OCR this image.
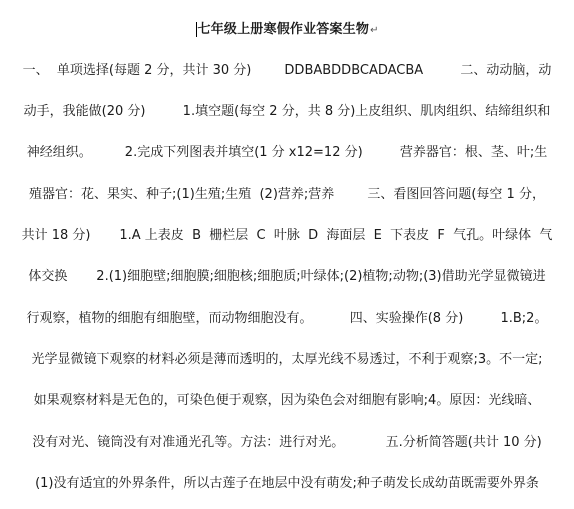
七年级上册寒假作业答案生物↵
一、  单项选择(每题 2 分，共计 30 分)        DDBABDDBCADACBA         二、动动脑，动
动手，我能做(20 分)         1.填空题(每空 2 分，共 8 分)上皮组织、肌肉组织、结缔组织和
神经组织。        2.完成下列图表并填空(1 分 x12=12 分)         营养器官：根、茎、叶;生
殖器官：花、果实、种子;(1)生殖;生殖  (2)营养;营养        三、看图回答问题(每空 1 分，
共计 18 分)       1.A 上表皮  B  栅栏层  C  叶脉  D  海面层  E  下表皮  F  气孔。叶绿体  气
体交换       2.(1)细胞壁;细胞膜;细胞核;细胞质;叶绿体;(2)植物;动物;(3)借助光学显微镜进
行观察，植物的细胞有细胞壁，而动物细胞没有。         四、实验操作(8 分)         1.B;2。
光学显微镜下观察的材料必须是薄而透明的，太厚光线不易透过，不利于观察;3。不一定;
如果观察材料是无色的，可染色便于观察，因为染色会对细胞有影响;4。原因：光线暗、
没有对光、镜筒没有对准通光孔等。方法：进行对光。          五.分析简答题(共计 10 分)
(1)没有适宜的外界条件，所以古莲子在地层中没有萌发;种子萌发长成幼苗既需要外界条
